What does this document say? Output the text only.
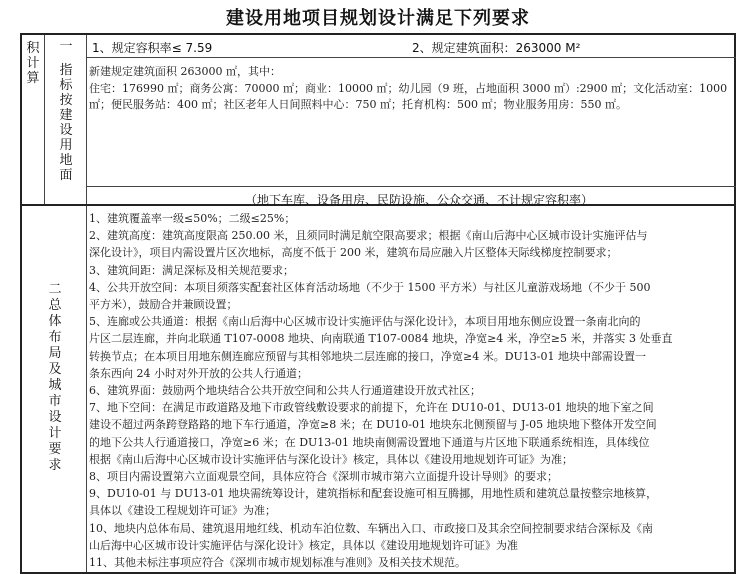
建设用地项目规划设计满足下列要求
积
计
算
一
指
标
按
建
设
用
地
面
1、规定容积率≤ 7.59	2、规定建筑面积：263000 M²
新建规定建筑面积 263000 ㎡，其中：
住宅：176990 ㎡；商务公寓：70000 ㎡；商业：10000 ㎡；幼儿园（9 班，占地面积 3000 ㎡）:2900 ㎡；文化活动室：1000
㎡；便民服务站：400 ㎡；社区老年人日间照料中心：750 ㎡；托育机构：500 ㎡；物业服务用房：550 ㎡。
（地下车库、设备用房、民防设施、公众交通、不计规定容积率）
二
总
体
布
局
及
城
市
设
计
要
求

1、建筑覆盖率一级≤50%；二级≤25%；

2、建筑高度：建筑高度限高 250.00 米，且须同时满足航空限高要求；根据《南山后海中心区城市设计实施评估与

深化设计》，项目内需设置片区次地标，高度不低于 200 米，建筑布局应融入片区整体天际线梯度控制要求；

3、建筑间距：满足深标及相关规范要求；

4、公共开放空间：本项目须落实配套社区体育活动场地（不少于 1500 平方米）与社区儿童游戏场地（不少于 500

平方米），鼓励合并兼顾设置；

5、连廊或公共通道：根据《南山后海中心区城市设计实施评估与深化设计》，本项目用地东侧应设置一条南北向的

片区二层连廊，并向北联通 T107-0008 地块、向南联通 T107-0084 地块，净宽≥4 米，净空≥5 米，并落实 3 处垂直

转换节点；在本项目用地东侧连廊应预留与其相邻地块二层连廊的接口，净宽≥4 米。DU13-01 地块中部需设置一

条东西向 24 小时对外开放的公共人行通道；

6、建筑界面：鼓励两个地块结合公共开放空间和公共人行通道建设开放式社区；

7、地下空间：在满足市政道路及地下市政管线敷设要求的前提下，允许在 DU10-01、DU13-01 地块的地下室之间

建设不超过两条跨登路路的地下车行通道，净宽≥8 米；在 DU10-01 地块东北侧预留与 J-05 地块地下整体开发空间

的地下公共人行通道接口，净宽≥6 米；在 DU13-01 地块南侧需设置地下通道与片区地下联通系统相连，具体线位

根据《南山后海中心区城市设计实施评估与深化设计》核定，具体以《建设用地规划许可证》为准；

8、项目内需设置第六立面观景空间，具体应符合《深圳市城市第六立面提升设计导则》的要求；

9、DU10-01 与 DU13-01 地块需统筹设计，建筑指标和配套设施可相互腾挪，用地性质和建筑总量按整宗地核算，

具体以《建设工程规划许可证》为准；

10、地块内总体布局、建筑退用地红线、机动车泊位数、车辆出入口、市政接口及其余空间控制要求结合深标及《南

山后海中心区城市设计实施评估与深化设计》核定，具体以《建设用地规划许可证》为准

11、其他未标注事项应符合《深圳市城市规划标准与准则》及相关技术规范。
